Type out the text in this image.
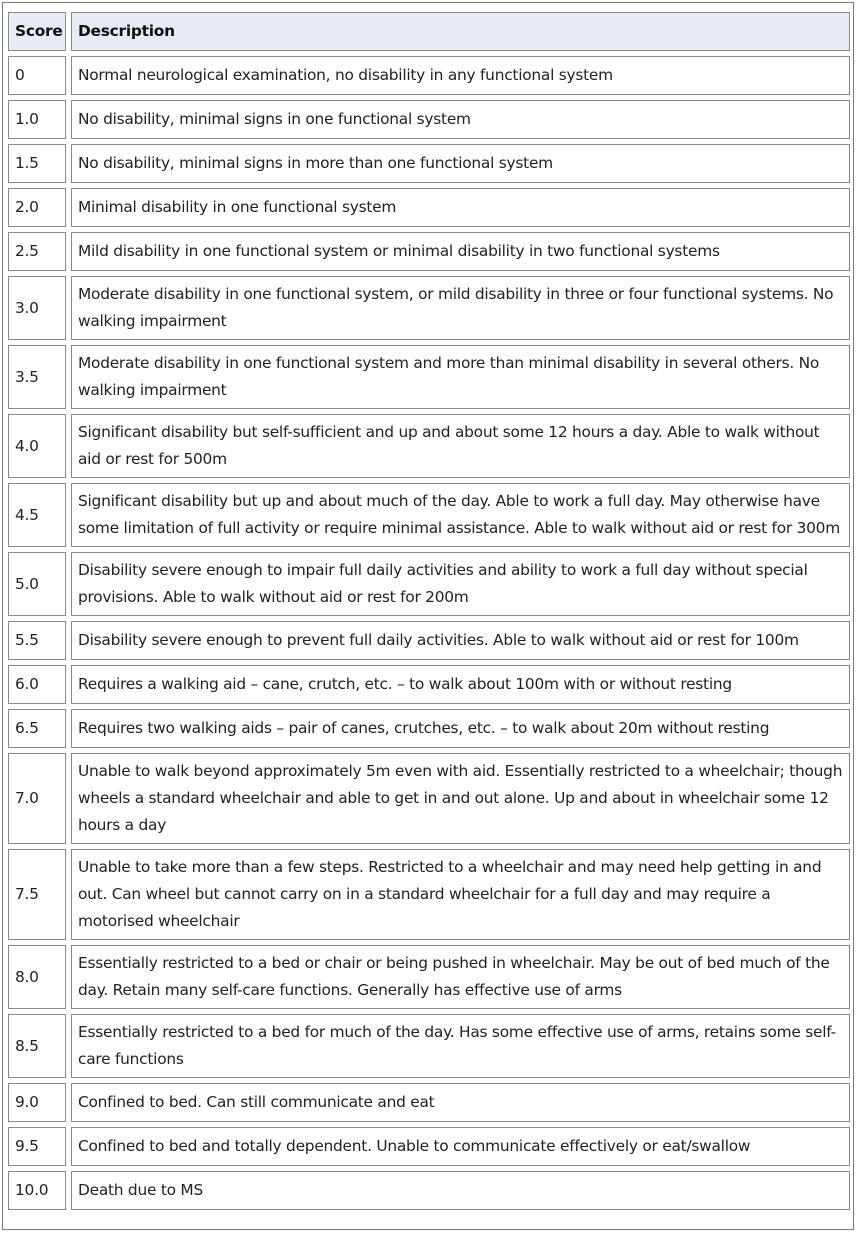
Score		Description
0		Normal neurological examination, no disability in any functional system
1.0		No disability, minimal signs in one functional system
1.5		No disability, minimal signs in more than one functional system
2.0		Minimal disability in one functional system
2.5		Mild disability in one functional system or minimal disability in two functional systems
3.0		Moderate disability in one functional system, or mild disability in three or four functional systems. No walking impairment
3.5		Moderate disability in one functional system and more than minimal disability in several others. No walking impairment
4.0		Significant disability but self-sufficient and up and about some 12 hours a day. Able to walk without aid or rest for 500m
4.5		Significant disability but up and about much of the day. Able to work a full day. May otherwise have some limitation of full activity or require minimal assistance. Able to walk without aid or rest for 300m
5.0		Disability severe enough to impair full daily activities and ability to work a full day without special provisions. Able to walk without aid or rest for 200m
5.5		Disability severe enough to prevent full daily activities. Able to walk without aid or rest for 100m
6.0		Requires a walking aid – cane, crutch, etc. – to walk about 100m with or without resting
6.5		Requires two walking aids – pair of canes, crutches, etc. – to walk about 20m without resting
7.0		Unable to walk beyond approximately 5m even with aid. Essentially restricted to a wheelchair; though wheels a standard wheelchair and able to get in and out alone. Up and about in wheelchair some 12 hours a day
7.5		Unable to take more than a few steps. Restricted to a wheelchair and may need help getting in and out. Can wheel but cannot carry on in a standard wheelchair for a full day and may require a motorised wheelchair
8.0		Essentially restricted to a bed or chair or being pushed in wheelchair. May be out of bed much of the day. Retain many self-care functions. Generally has effective use of arms
8.5		Essentially restricted to a bed for much of the day. Has some effective use of arms, retains some self-care functions
9.0		Confined to bed. Can still communicate and eat
9.5		Confined to bed and totally dependent. Unable to communicate effectively or eat/swallow
10.0		Death due to MS
